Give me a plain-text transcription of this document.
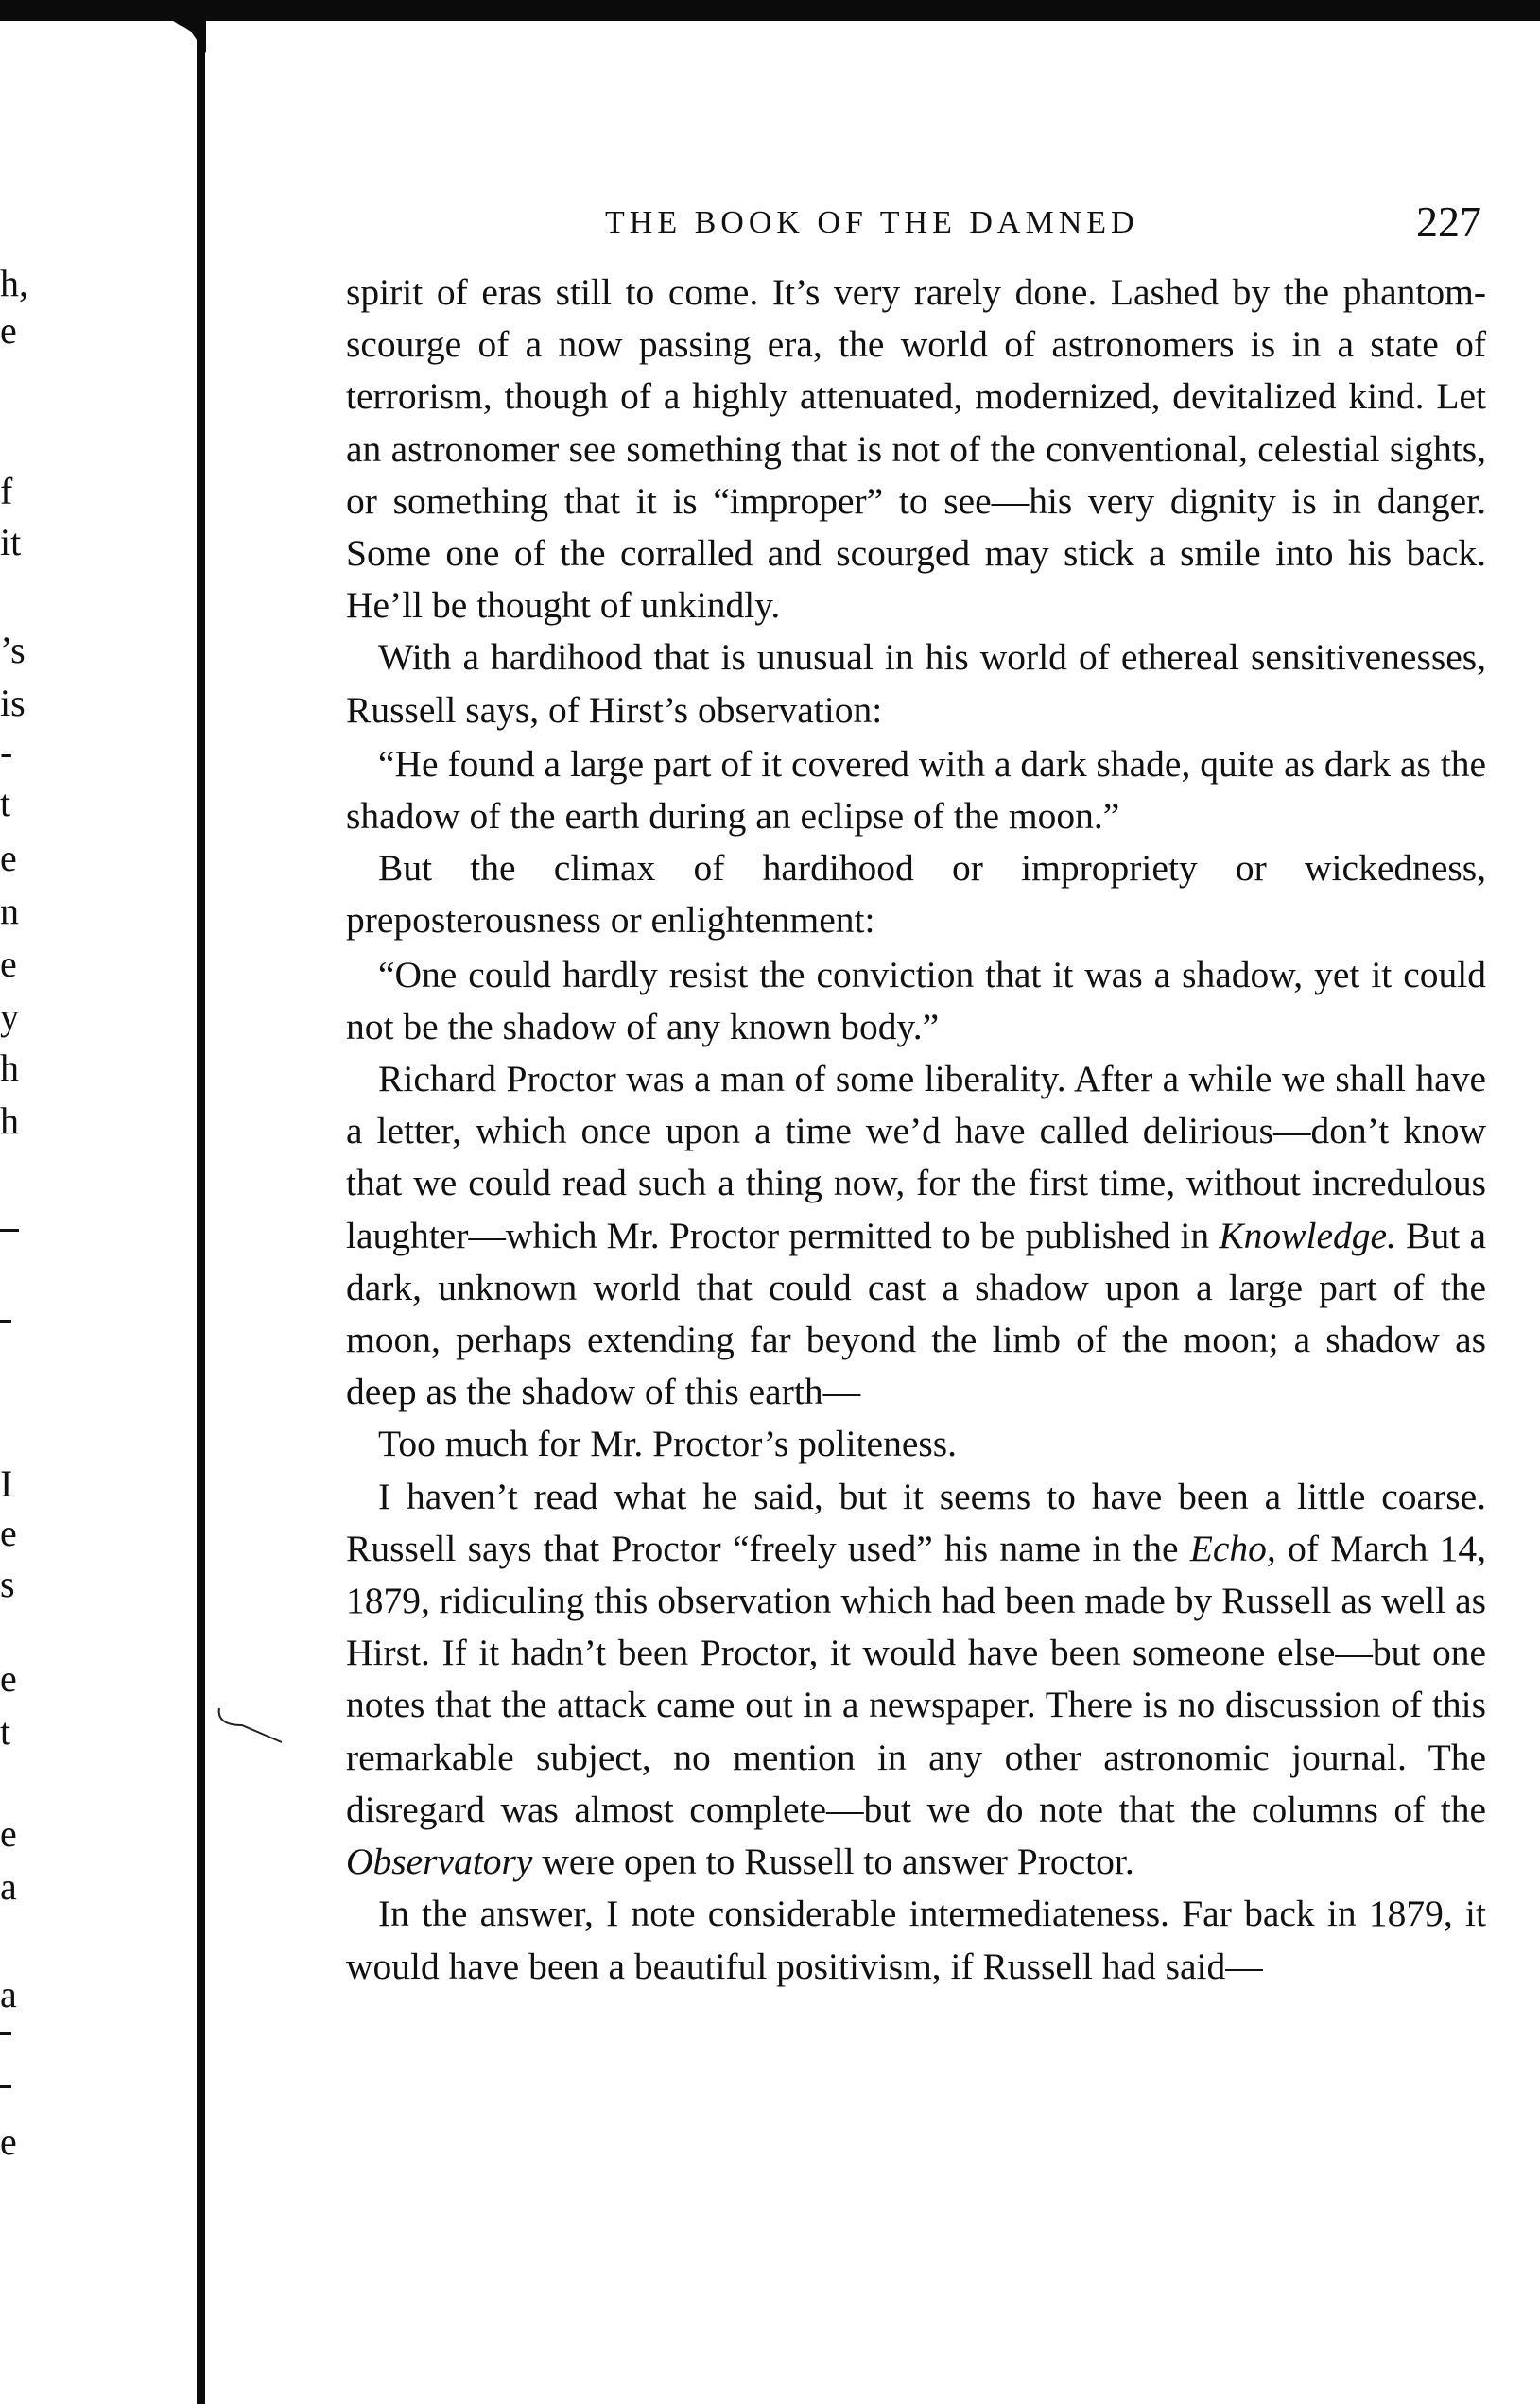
h,
e
f
it
’s
is
-
t
e
n
e
y
h
h
I
e
s
e
t
e
a
a
e
THE BOOK OF THE DAMNED	227

spirit of eras still to come. It’s very rarely done. Lashed by the phantom-scourge of a now passing era, the world of astronomers is in a state of terrorism, though of a highly attenuated, modernized, devitalized kind. Let an astronomer see something that is not of the conventional, celestial sights, or something that it is “improper” to see—his very dignity is in danger. Some one of the corralled and scourged may stick a smile into his back. He’ll be thought of unkindly.

With a hardihood that is unusual in his world of ethereal sensitivenesses, Russell says, of Hirst’s observation:

“He found a large part of it covered with a dark shade, quite as dark as the shadow of the earth during an eclipse of the moon.”

But the climax of hardihood or impropriety or wickedness, preposterousness or enlightenment:

“One could hardly resist the conviction that it was a shadow, yet it could not be the shadow of any known body.”

Richard Proctor was a man of some liberality. After a while we shall have a letter, which once upon a time we’d have called delirious—don’t know that we could read such a thing now, for the first time, without incredulous laughter—which Mr. Proctor permitted to be published in Knowledge. But a dark, unknown world that could cast a shadow upon a large part of the moon, perhaps extending far beyond the limb of the moon; a shadow as deep as the shadow of this earth—

Too much for Mr. Proctor’s politeness.

I haven’t read what he said, but it seems to have been a little coarse. Russell says that Proctor “freely used” his name in the Echo, of March 14, 1879, ridiculing this observation which had been made by Russell as well as Hirst. If it hadn’t been Proctor, it would have been someone else—but one notes that the attack came out in a newspaper. There is no discussion of this remarkable subject, no mention in any other astronomic journal. The disregard was almost complete—but we do note that the columns of the Observatory were open to Russell to answer Proctor.

In the answer, I note considerable intermediateness. Far back in 1879, it would have been a beautiful positivism, if Russell had said—
